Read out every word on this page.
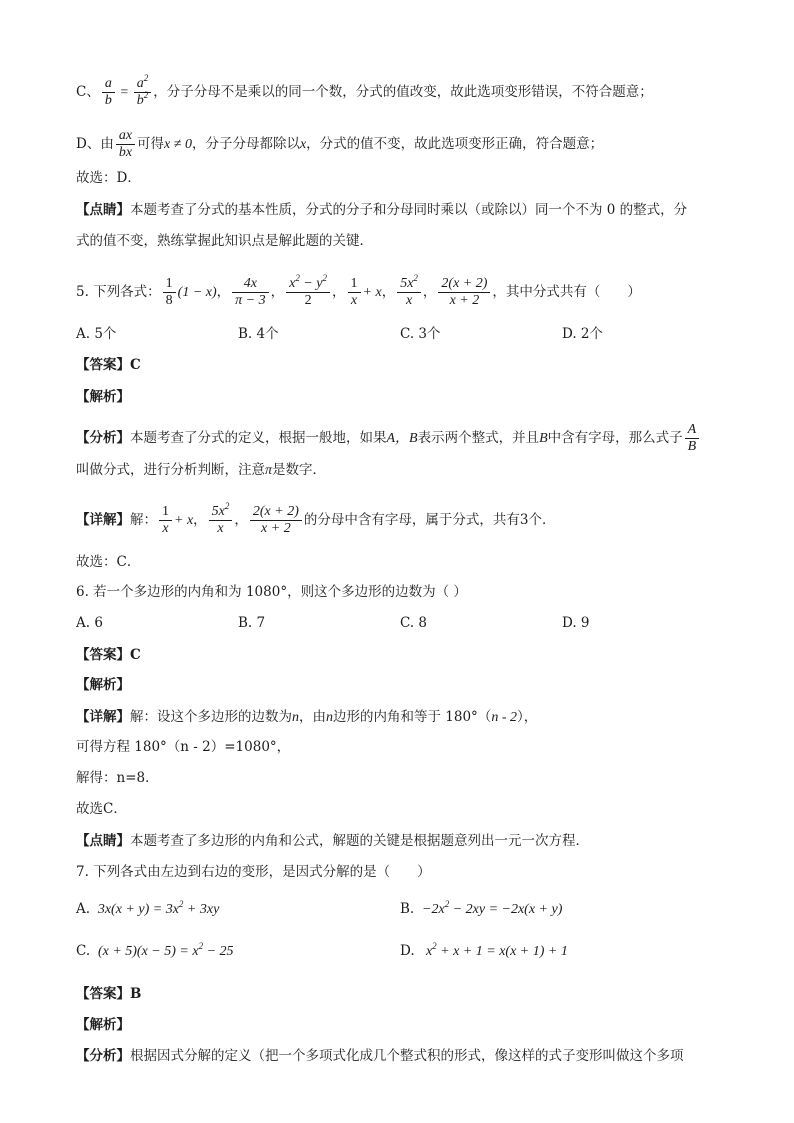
C、 $\frac{a}{b} = \frac{a^2}{b^2}$ ，分子分母不是乘以的同一个数，分式的值改变，故此选项变形错误，不符合题意；
D、由 $\frac{ax}{bx}$ 可得x ≠ 0，分子分母都除以x，分式的值不变，故此选项变形正确，符合题意；
故选：D．
【点睛】本题考查了分式的基本性质，分式的分子和分母同时乘以（或除以）同一个不为 0 的整式，分
式的值不变，熟练掌握此知识点是解此题的关键．
5. 下列各式： $\frac{1}{8} (1 - x)$， $\frac{4x}{\pi - 3}$ ， $\frac{x^2 - y^2}{2}$ ， $\frac{1}{x} + x$， $\frac{5x^2}{x}$ ， $\frac{2(x + 2)}{x + 2}$ ，其中分式共有（　　）
A. 5个	B. 4个	C. 3个	D. 2个
【答案】C
【解析】
【分析】本题考查了分式的定义，根据一般地，如果A，B表示两个整式，并且B中含有字母，那么式子 $\frac{A}{B}$
叫做分式，进行分析判断，注意π是数字．
【详解】解： $\frac{1}{x} + x$， $\frac{5x^2}{x}$ ， $\frac{2(x + 2)}{x + 2}$ 的分母中含有字母，属于分式，共有3个．
故选：C．
6. 若一个多边形的内角和为 1080°，则这个多边形的边数为（ ）
A. 6	B. 7	C. 8	D. 9
【答案】C
【解析】
【详解】解：设这个多边形的边数为n，由n边形的内角和等于 180°（n - 2），
可得方程 180°（n - 2）=1080°，
解得：n=8．
故选C．
【点睛】本题考查了多边形的内角和公式，解题的关键是根据题意列出一元一次方程．
7. 下列各式由左边到右边的变形，是因式分解的是（　　）
A.  $3x(x + y) = 3x^2 + 3xy$	B.  $-2x^2 - 2xy = -2x(x + y)$
C.  $(x + 5)(x - 5) = x^2 - 25$	D.   $x^2 + x + 1 = x(x + 1) + 1$
【答案】B
【解析】
【分析】根据因式分解的定义（把一个多项式化成几个整式积的形式，像这样的式子变形叫做这个多项
